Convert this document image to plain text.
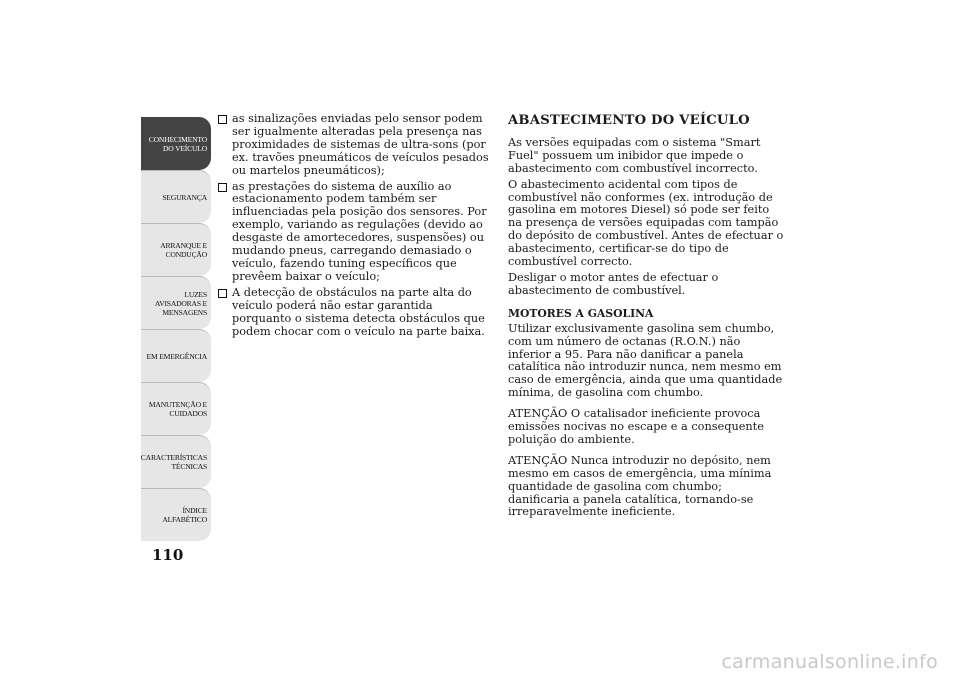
CONHECIMENTO DO VEÍCULO
SEGURANÇA
ARRANQUE E CONDUÇÃO
LUZES AVISADORAS E MENSAGENS
EM EMERGÊNCIA
MANUTENÇÃO E CUIDADOS
CARACTERÍSTICAS TÉCNICAS
ÍNDICE ALFABÉTICO
110
as sinalizações enviadas pelo sensor podem ser igualmente alteradas pela presença nas proximidades de sistemas de ultra-sons (por ex. travões pneumáticos de veículos pesados ou martelos pneumáticos);
as prestações do sistema de auxílio ao estacionamento podem também ser influenciadas pela posição dos sensores. Por exemplo, variando as regulações (devido ao desgaste de amortecedores, suspensões) ou mudando pneus, carregando demasiado o veículo, fazendo tuning específicos que prevêem baixar o veículo;
A detecção de obstáculos na parte alta do veículo poderá não estar garantida porquanto o sistema detecta obstáculos que podem chocar com o veículo na parte baixa.
ABASTECIMENTO DO VEÍCULO

As versões equipadas com o sistema "Smart Fuel" possuem um inibidor que impede o abastecimento com combustível incorrecto.

O abastecimento acidental com tipos de combustível não conformes (ex. introdução de gasolina em motores Diesel) só pode ser feito na presença de versões equipadas com tampão do depósito de combustível. Antes de efectuar o abastecimento, certificar-se do tipo de combustível correcto.

Desligar o motor antes de efectuar o abastecimento de combustível.

MOTORES A GASOLINA

Utilizar exclusivamente gasolina sem chumbo, com um número de octanas (R.O.N.) não inferior a 95. Para não danificar a panela catalítica não introduzir nunca, nem mesmo em caso de emergência, ainda que uma quantidade mínima, de gasolina com chumbo.

ATENÇÃO O catalisador ineficiente provoca emissões nocivas no escape e a consequente poluição do ambiente.

ATENÇÃO Nunca introduzir no depósito, nem mesmo em casos de emergência, uma mínima quantidade de gasolina com chumbo; danificaria a panela catalítica, tornando-se irreparavelmente ineficiente.

carmanualsonline.info
